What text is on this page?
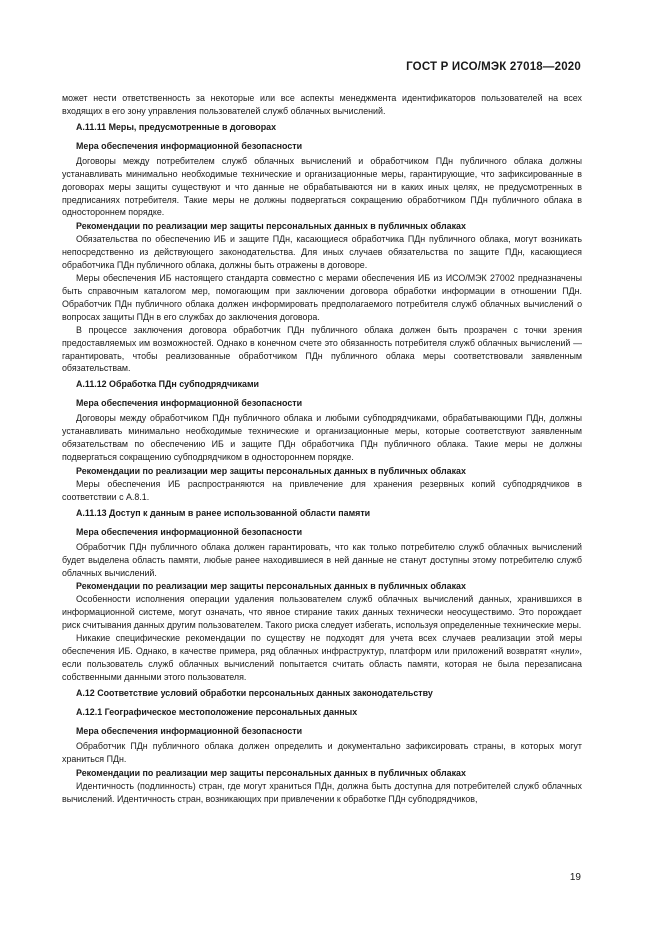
ГОСТ Р ИСО/МЭК 27018—2020

может нести ответственность за некоторые или все аспекты менеджмента идентификаторов пользователей на всех входящих в его зону управления пользователей служб облачных вычислений.

A.11.11 Меры, предусмотренные в договорах
Мера обеспечения информационной безопасности

Договоры между потребителем служб облачных вычислений и обработчиком ПДн публичного облака должны устанавливать минимально необходимые технические и организационные меры, гарантирующие, что зафиксированные в договорах меры защиты существуют и что данные не обрабатываются ни в каких иных целях, не предусмотренных в предписаниях потребителя. Такие меры не должны подвергаться сокращению обработчиком ПДн публичного облака в одностороннем порядке.

Рекомендации по реализации мер защиты персональных данных в публичных облаках

Обязательства по обеспечению ИБ и защите ПДн, касающиеся обработчика ПДн публичного облака, могут возникать непосредственно из действующего законодательства. Для иных случаев обязательства по защите ПДн, касающиеся обработчика ПДн публичного облака, должны быть отражены в договоре.

Меры обеспечения ИБ настоящего стандарта совместно с мерами обеспечения ИБ из ИСО/МЭК 27002 предназначены быть справочным каталогом мер, помогающим при заключении договора обработки информации в отношении ПДн. Обработчик ПДн публичного облака должен информировать предполагаемого потребителя служб облачных вычислений о вопросах защиты ПДн в его службах до заключения договора.

В процессе заключения договора обработчик ПДн публичного облака должен быть прозрачен с точки зрения предоставляемых им возможностей. Однако в конечном счете это обязанность потребителя служб облачных вычислений — гарантировать, чтобы реализованные обработчиком ПДн публичного облака меры соответствовали заявленным обязательствам.

A.11.12 Обработка ПДн субподрядчиками
Мера обеспечения информационной безопасности

Договоры между обработчиком ПДн публичного облака и любыми субподрядчиками, обрабатывающими ПДн, должны устанавливать минимально необходимые технические и организационные меры, которые соответствуют заявленным обязательствам по обеспечению ИБ и защите ПДн обработчика ПДн публичного облака. Такие меры не должны подвергаться сокращению субподрядчиком в одностороннем порядке.

Рекомендации по реализации мер защиты персональных данных в публичных облаках

Меры обеспечения ИБ распространяются на привлечение для хранения резервных копий субподрядчиков в соответствии с А.8.1.

A.11.13 Доступ к данным в ранее использованной области памяти
Мера обеспечения информационной безопасности

Обработчик ПДн публичного облака должен гарантировать, что как только потребителю служб облачных вычислений будет выделена область памяти, любые ранее находившиеся в ней данные не станут доступны этому потребителю служб облачных вычислений.

Рекомендации по реализации мер защиты персональных данных в публичных облаках

Особенности исполнения операции удаления пользователем служб облачных вычислений данных, хранившихся в информационной системе, могут означать, что явное стирание таких данных технически неосуществимо. Это порождает риск считывания данных другим пользователем. Такого риска следует избегать, используя определенные технические меры.

Никакие специфические рекомендации по существу не подходят для учета всех случаев реализации этой меры обеспечения ИБ. Однако, в качестве примера, ряд облачных инфраструктур, платформ или приложений возвратят «нули», если пользователь служб облачных вычислений попытается считать область памяти, которая не была перезаписана собственными данными этого пользователя.

A.12 Соответствие условий обработки персональных данных законодательству
A.12.1 Географическое местоположение персональных данных
Мера обеспечения информационной безопасности

Обработчик ПДн публичного облака должен определить и документально зафиксировать страны, в которых могут храниться ПДн.

Рекомендации по реализации мер защиты персональных данных в публичных облаках

Идентичность (подлинность) стран, где могут храниться ПДн, должна быть доступна для потребителей служб облачных вычислений. Идентичность стран, возникающих при привлечении к обработке ПДн субподрядчиков,

19
